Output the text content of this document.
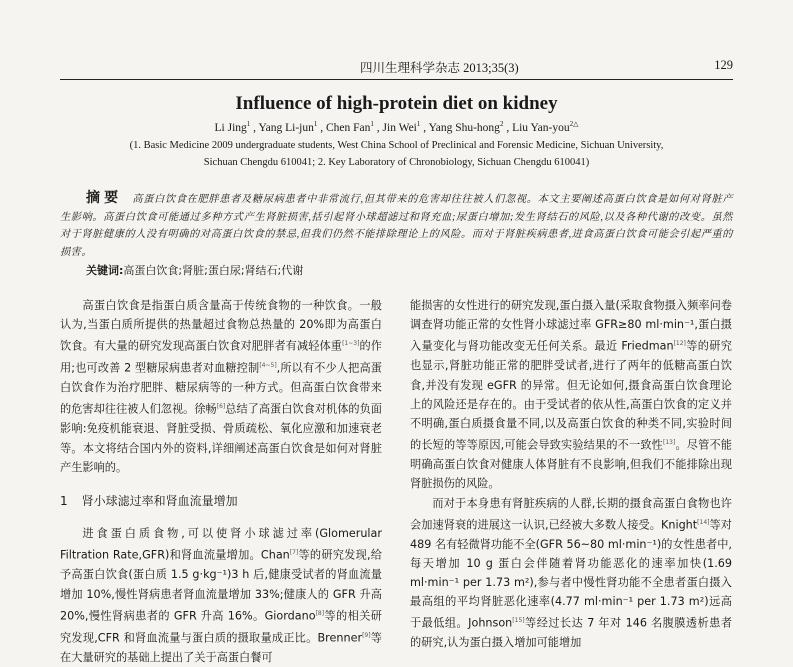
四川生理科学杂志 2013;35(3)	129
Influence of high-protein diet on kidney
Li Jing$^1$ , Yang Li-jun$^1$ , Chen Fan$^1$ , Jin Wei$^1$ , Yang Shu-hong$^2$ , Liu Yan-you$^{2\triangle}$
(1. Basic Medicine 2009 undergraduate students, West China School of Preclinical and Forensic Medicine, Sichuan University,
Sichuan Chengdu 610041; 2. Key Laboratory of Chronobiology, Sichuan Chengdu 610041)
摘要 高蛋白饮食在肥胖患者及糖尿病患者中非常流行,但其带来的危害却往往被人们忽视。本文主要阐述高蛋白饮食是如何对肾脏产生影响。高蛋白饮食可能通过多种方式产生肾脏损害,括引起肾小球超滤过和肾充血;尿蛋白增加;发生肾结石的风险,以及各种代谢的改变。虽然对于肾脏健康的人没有明确的对高蛋白饮食的禁忌,但我们仍然不能排除理论上的风险。而对于肾脏疾病患者,进食高蛋白饮食可能会引起严重的损害。
关键词:高蛋白饮食;肾脏;蛋白尿;肾结石;代谢

高蛋白饮食是指蛋白质含量高于传统食物的一种饮食。一般认为,当蛋白质所提供的热量超过食物总热量的 20%即为高蛋白饮食。有大量的研究发现高蛋白饮食对肥胖者有减轻体重[1~3]的作用;也可改善 2 型糖尿病患者对血糖控制[4~5],所以有不少人把高蛋白饮食作为治疗肥胖、糖尿病等的一种方式。但高蛋白饮食带来的危害却往往被人们忽视。徐畅[6]总结了高蛋白饮食对机体的负面影响:免疫机能衰退、肾脏受损、骨质疏松、氧化应激和加速衰老等。本文将结合国内外的资料,详细阐述高蛋白饮食是如何对肾脏产生影响的。

1 肾小球滤过率和肾血流量增加

进食蛋白质食物,可以使肾小球滤过率(Glomerular Filtration Rate,GFR)和肾血流量增加。Chan[7]等的研究发现,给予高蛋白饮食(蛋白质 1.5 g·kg⁻¹)3 h 后,健康受试者的肾血流量增加 10%,慢性肾病患者肾血流量增加 33%;健康人的 GFR 升高 20%,慢性肾病患者的 GFR 升高 16%。Giordano[8]等的相关研究发现,CFR 和肾血流量与蛋白质的摄取量成正比。Brenner[9]等在大量研究的基础上提出了关于高蛋白餐可

能损害的女性进行的研究发现,蛋白摄入量(采取食物摄入频率问卷调查肾功能正常的女性肾小球滤过率 GFR≥80 ml·min⁻¹,蛋白摄入量变化与肾功能改变无任何关系。最近 Friedman[12]等的研究也显示,肾脏功能正常的肥胖受试者,进行了两年的低糖高蛋白饮食,并没有发现 eGFR 的异常。但无论如何,摄食高蛋白饮食理论上的风险还是存在的。由于受试者的依从性,高蛋白饮食的定义并不明确,蛋白质摄食量不同,以及高蛋白饮食的种类不同,实验时间的长短的等等原因,可能会导致实验结果的不一致性[13]。尽管不能明确高蛋白饮食对健康人体肾脏有不良影响,但我们不能排除出现肾脏损伤的风险。

而对于本身患有肾脏疾病的人群,长期的摄食高蛋白食物也许会加速肾衰的进展这一认识,已经被大多数人接受。Knight[14]等对 489 名有轻微肾功能不全(GFR 56~80 ml·min⁻¹)的女性患者中,每天增加 10 g 蛋白会伴随着肾功能恶化的速率加快(1.69 ml·min⁻¹ per 1.73 m²),参与者中慢性肾功能不全患者蛋白摄入最高组的平均肾脏恶化速率(4.77 ml·min⁻¹ per 1.73 m²)远高于最低组。Johnson[15]等经过长达 7 年对 146 名腹膜透析患者的研究,认为蛋白摄入增加可能增加
